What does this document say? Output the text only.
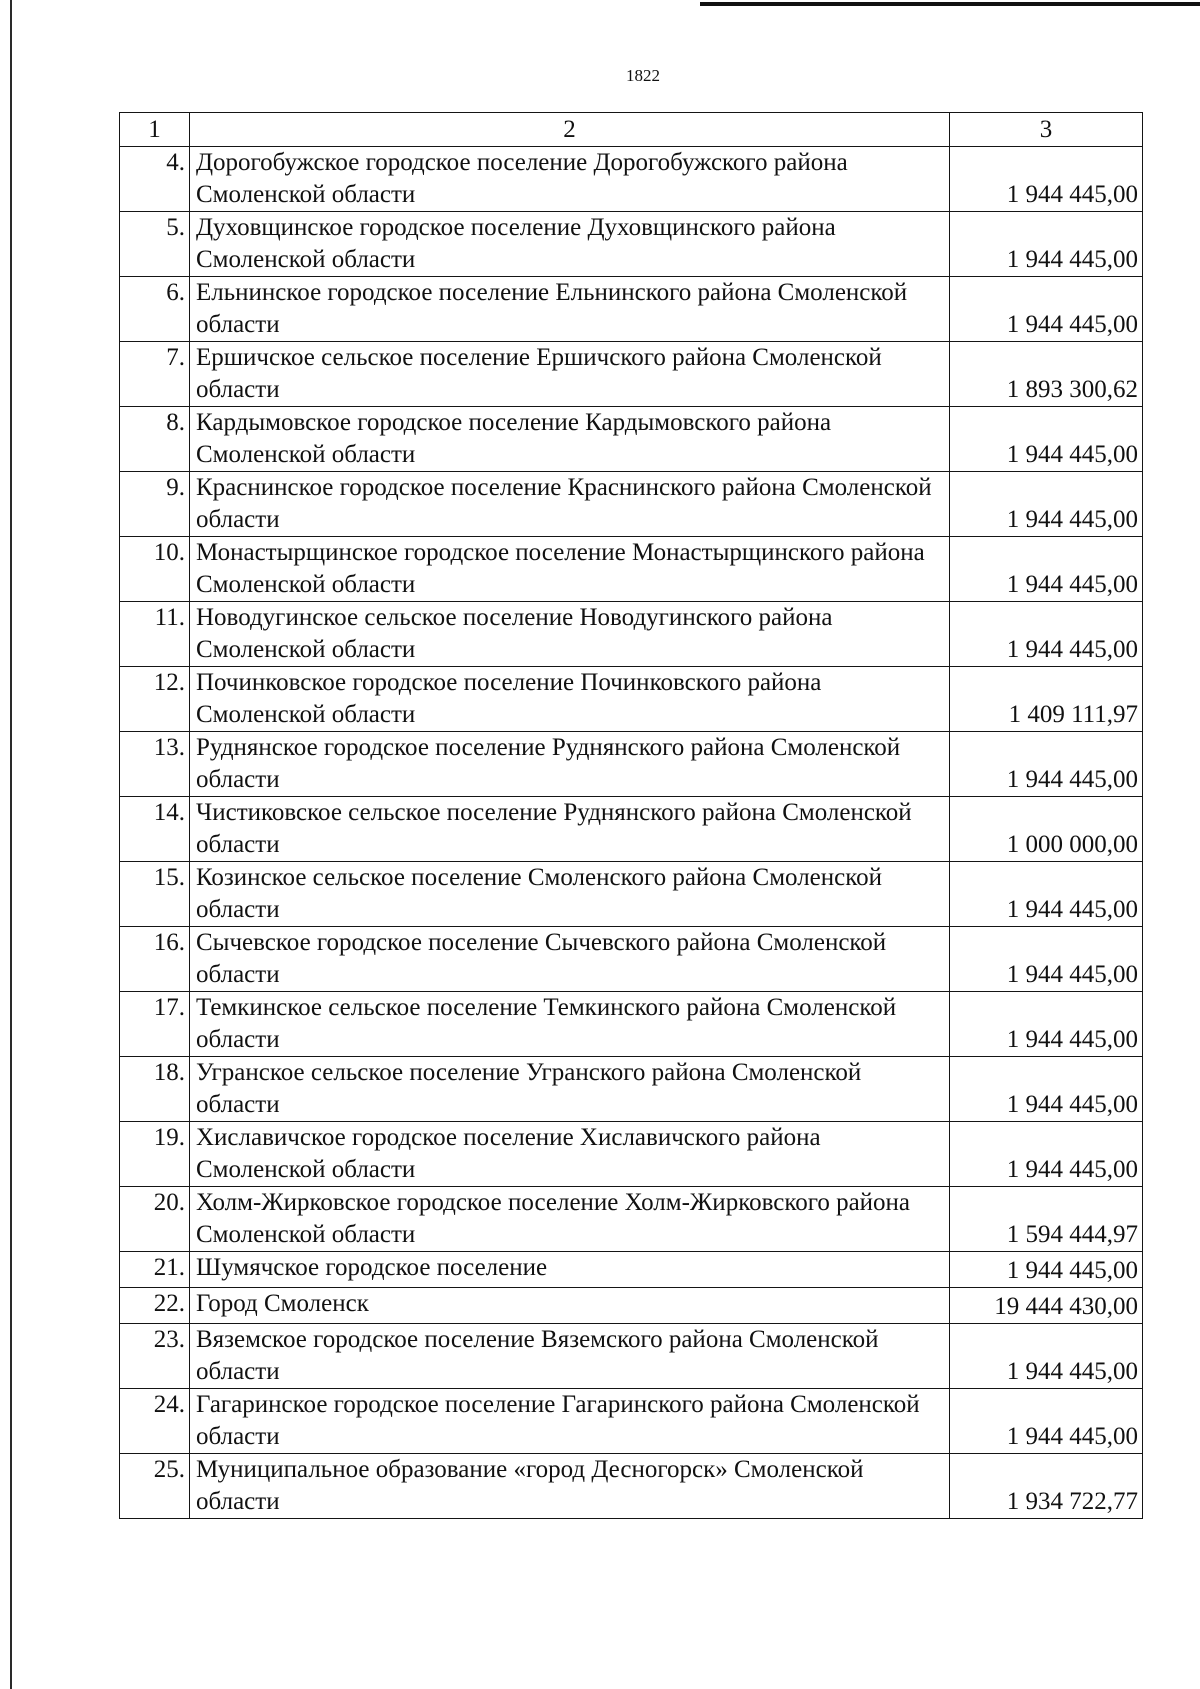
1822
1	2	3
4.	Дорогобужское городское поселение Дорогобужского района Смоленской области	1 944 445,00
5.	Духовщинское городское поселение Духовщинского района Смоленской области	1 944 445,00
6.	Ельнинское городское поселение Ельнинского района Смоленской области	1 944 445,00
7.	Ершичское сельское поселение Ершичского района Смоленской области	1 893 300,62
8.	Кардымовское городское поселение Кардымовского района Смоленской области	1 944 445,00
9.	Краснинское городское поселение Краснинского района Смоленской области	1 944 445,00
10.	Монастырщинское городское поселение Монастырщинского района Смоленской области	1 944 445,00
11.	Новодугинское сельское поселение Новодугинского района Смоленской области	1 944 445,00
12.	Починковское городское поселение Починковского района Смоленской области	1 409 111,97
13.	Руднянское городское поселение Руднянского района Смоленской области	1 944 445,00
14.	Чистиковское сельское поселение Руднянского района Смоленской области	1 000 000,00
15.	Козинское сельское поселение Смоленского района Смоленской области	1 944 445,00
16.	Сычевское городское поселение Сычевского района Смоленской области	1 944 445,00
17.	Темкинское сельское поселение Темкинского района Смоленской области	1 944 445,00
18.	Угранское сельское поселение Угранского района Смоленской области	1 944 445,00
19.	Хиславичское городское поселение Хиславичского района Смоленской области	1 944 445,00
20.	Холм-Жирковское городское поселение Холм-Жирковского района Смоленской области	1 594 444,97
21.	Шумячское городское поселение	1 944 445,00
22.	Город Смоленск	19 444 430,00
23.	Вяземское городское поселение Вяземского района Смоленской области	1 944 445,00
24.	Гагаринское городское поселение Гагаринского района Смоленской области	1 944 445,00
25.	Муниципальное образование «город Десногорск» Смоленской области	1 934 722,77
